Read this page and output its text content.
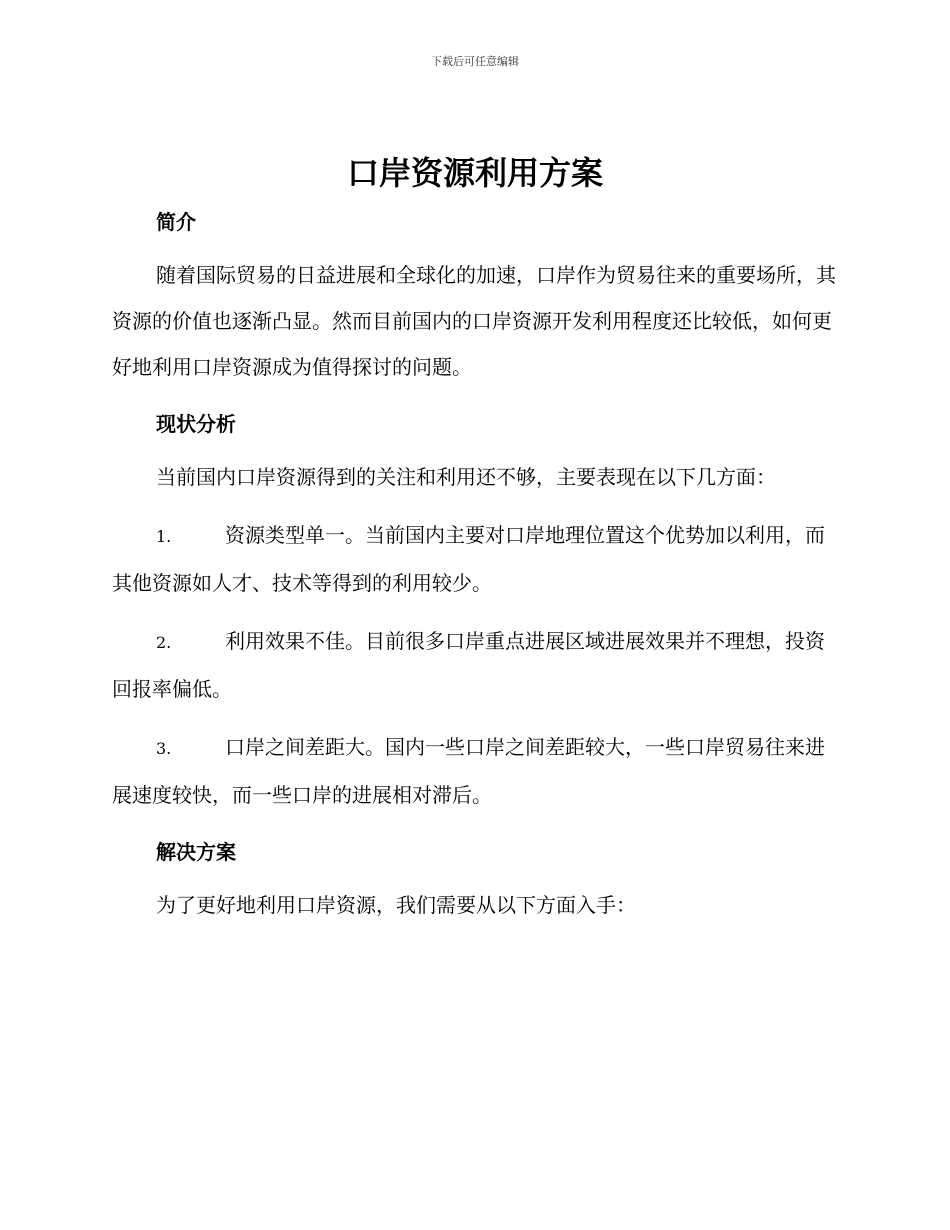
下载后可任意编辑
口岸资源利用方案
简介

随着国际贸易的日益进展和全球化的加速，口岸作为贸易往来的重要场所，其资源的价值也逐渐凸显。然而目前国内的口岸资源开发利用程度还比较低，如何更好地利用口岸资源成为值得探讨的问题。

现状分析

当前国内口岸资源得到的关注和利用还不够，主要表现在以下几方面：

1.	资源类型单一。当前国内主要对口岸地理位置这个优势加以利用，而其他资源如人才、技术等得到的利用较少。

2.	利用效果不佳。目前很多口岸重点进展区域进展效果并不理想，投资回报率偏低。

3.	口岸之间差距大。国内一些口岸之间差距较大，一些口岸贸易往来进展速度较快，而一些口岸的进展相对滞后。

解决方案

为了更好地利用口岸资源，我们需要从以下方面入手：
